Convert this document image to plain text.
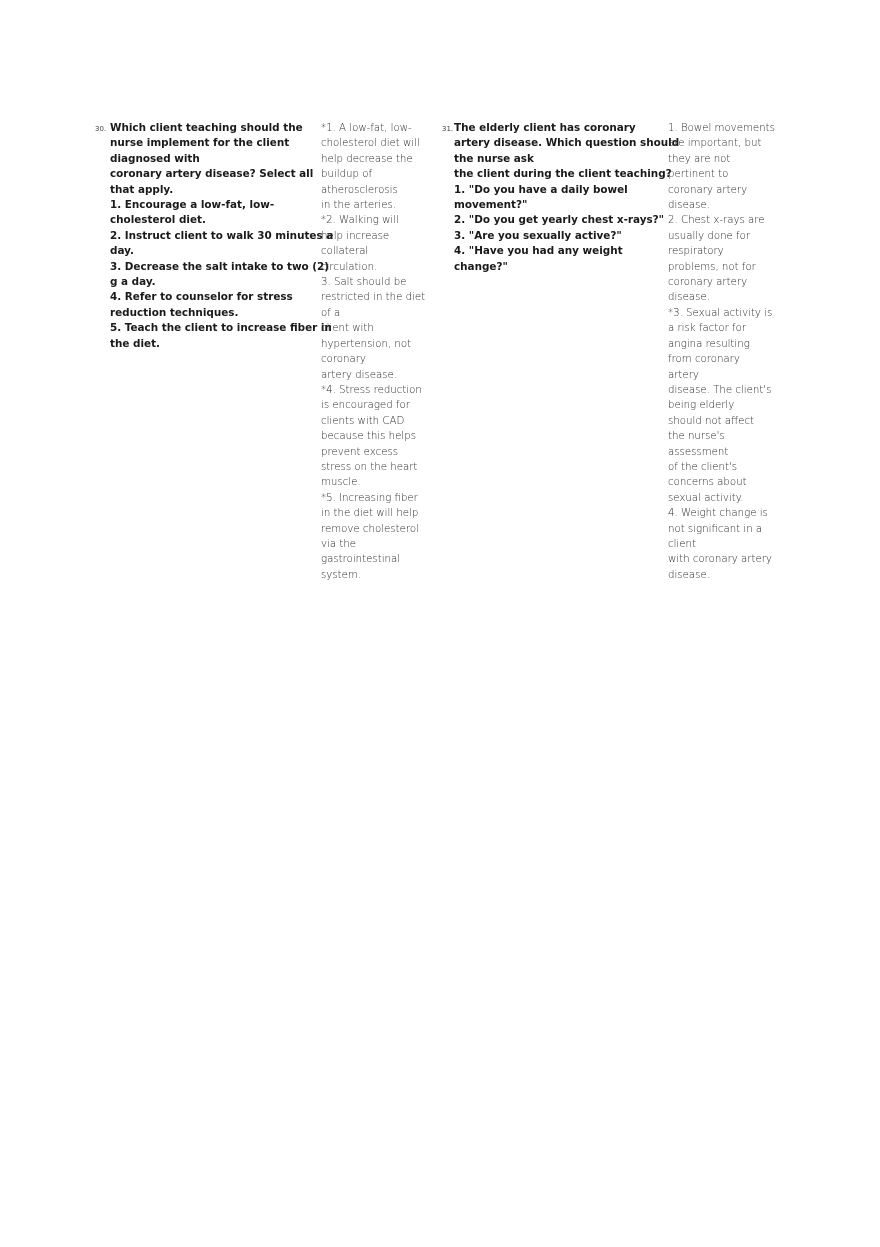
30. Which client teaching should the
nurse implement for the client
diagnosed with
coronary artery disease? Select all
that apply.
1. Encourage a low-fat, low-
cholesterol diet.
2. Instruct client to walk 30 minutes a
day.
3. Decrease the salt intake to two (2)
g a day.
4. Refer to counselor for stress
reduction techniques.
5. Teach the client to increase fiber in
the diet.
*1. A low-fat, low-
cholesterol diet will
help decrease the
buildup of
atherosclerosis
in the arteries.
*2. Walking will
help increase
collateral
circulation.
3. Salt should be
restricted in the diet
of a
client with
hypertension, not
coronary
artery disease.
*4. Stress reduction
is encouraged for
clients with CAD
because this helps
prevent excess
stress on the heart
muscle.
*5. Increasing fiber
in the diet will help
remove cholesterol
via the
gastrointestinal
system.
31. The elderly client has coronary
artery disease. Which question should
the nurse ask
the client during the client teaching?
1. "Do you have a daily bowel
movement?"
2. "Do you get yearly chest x-rays?"
3. "Are you sexually active?"
4. "Have you had any weight
change?"
1. Bowel movements
are important, but
they are not
pertinent to
coronary artery
disease.
2. Chest x-rays are
usually done for
respiratory
problems, not for
coronary artery
disease.
*3. Sexual activity is
a risk factor for
angina resulting
from coronary
artery
disease. The client's
being elderly
should not affect
the nurse's
assessment
of the client's
concerns about
sexual activity.
4. Weight change is
not significant in a
client
with coronary artery
disease.
